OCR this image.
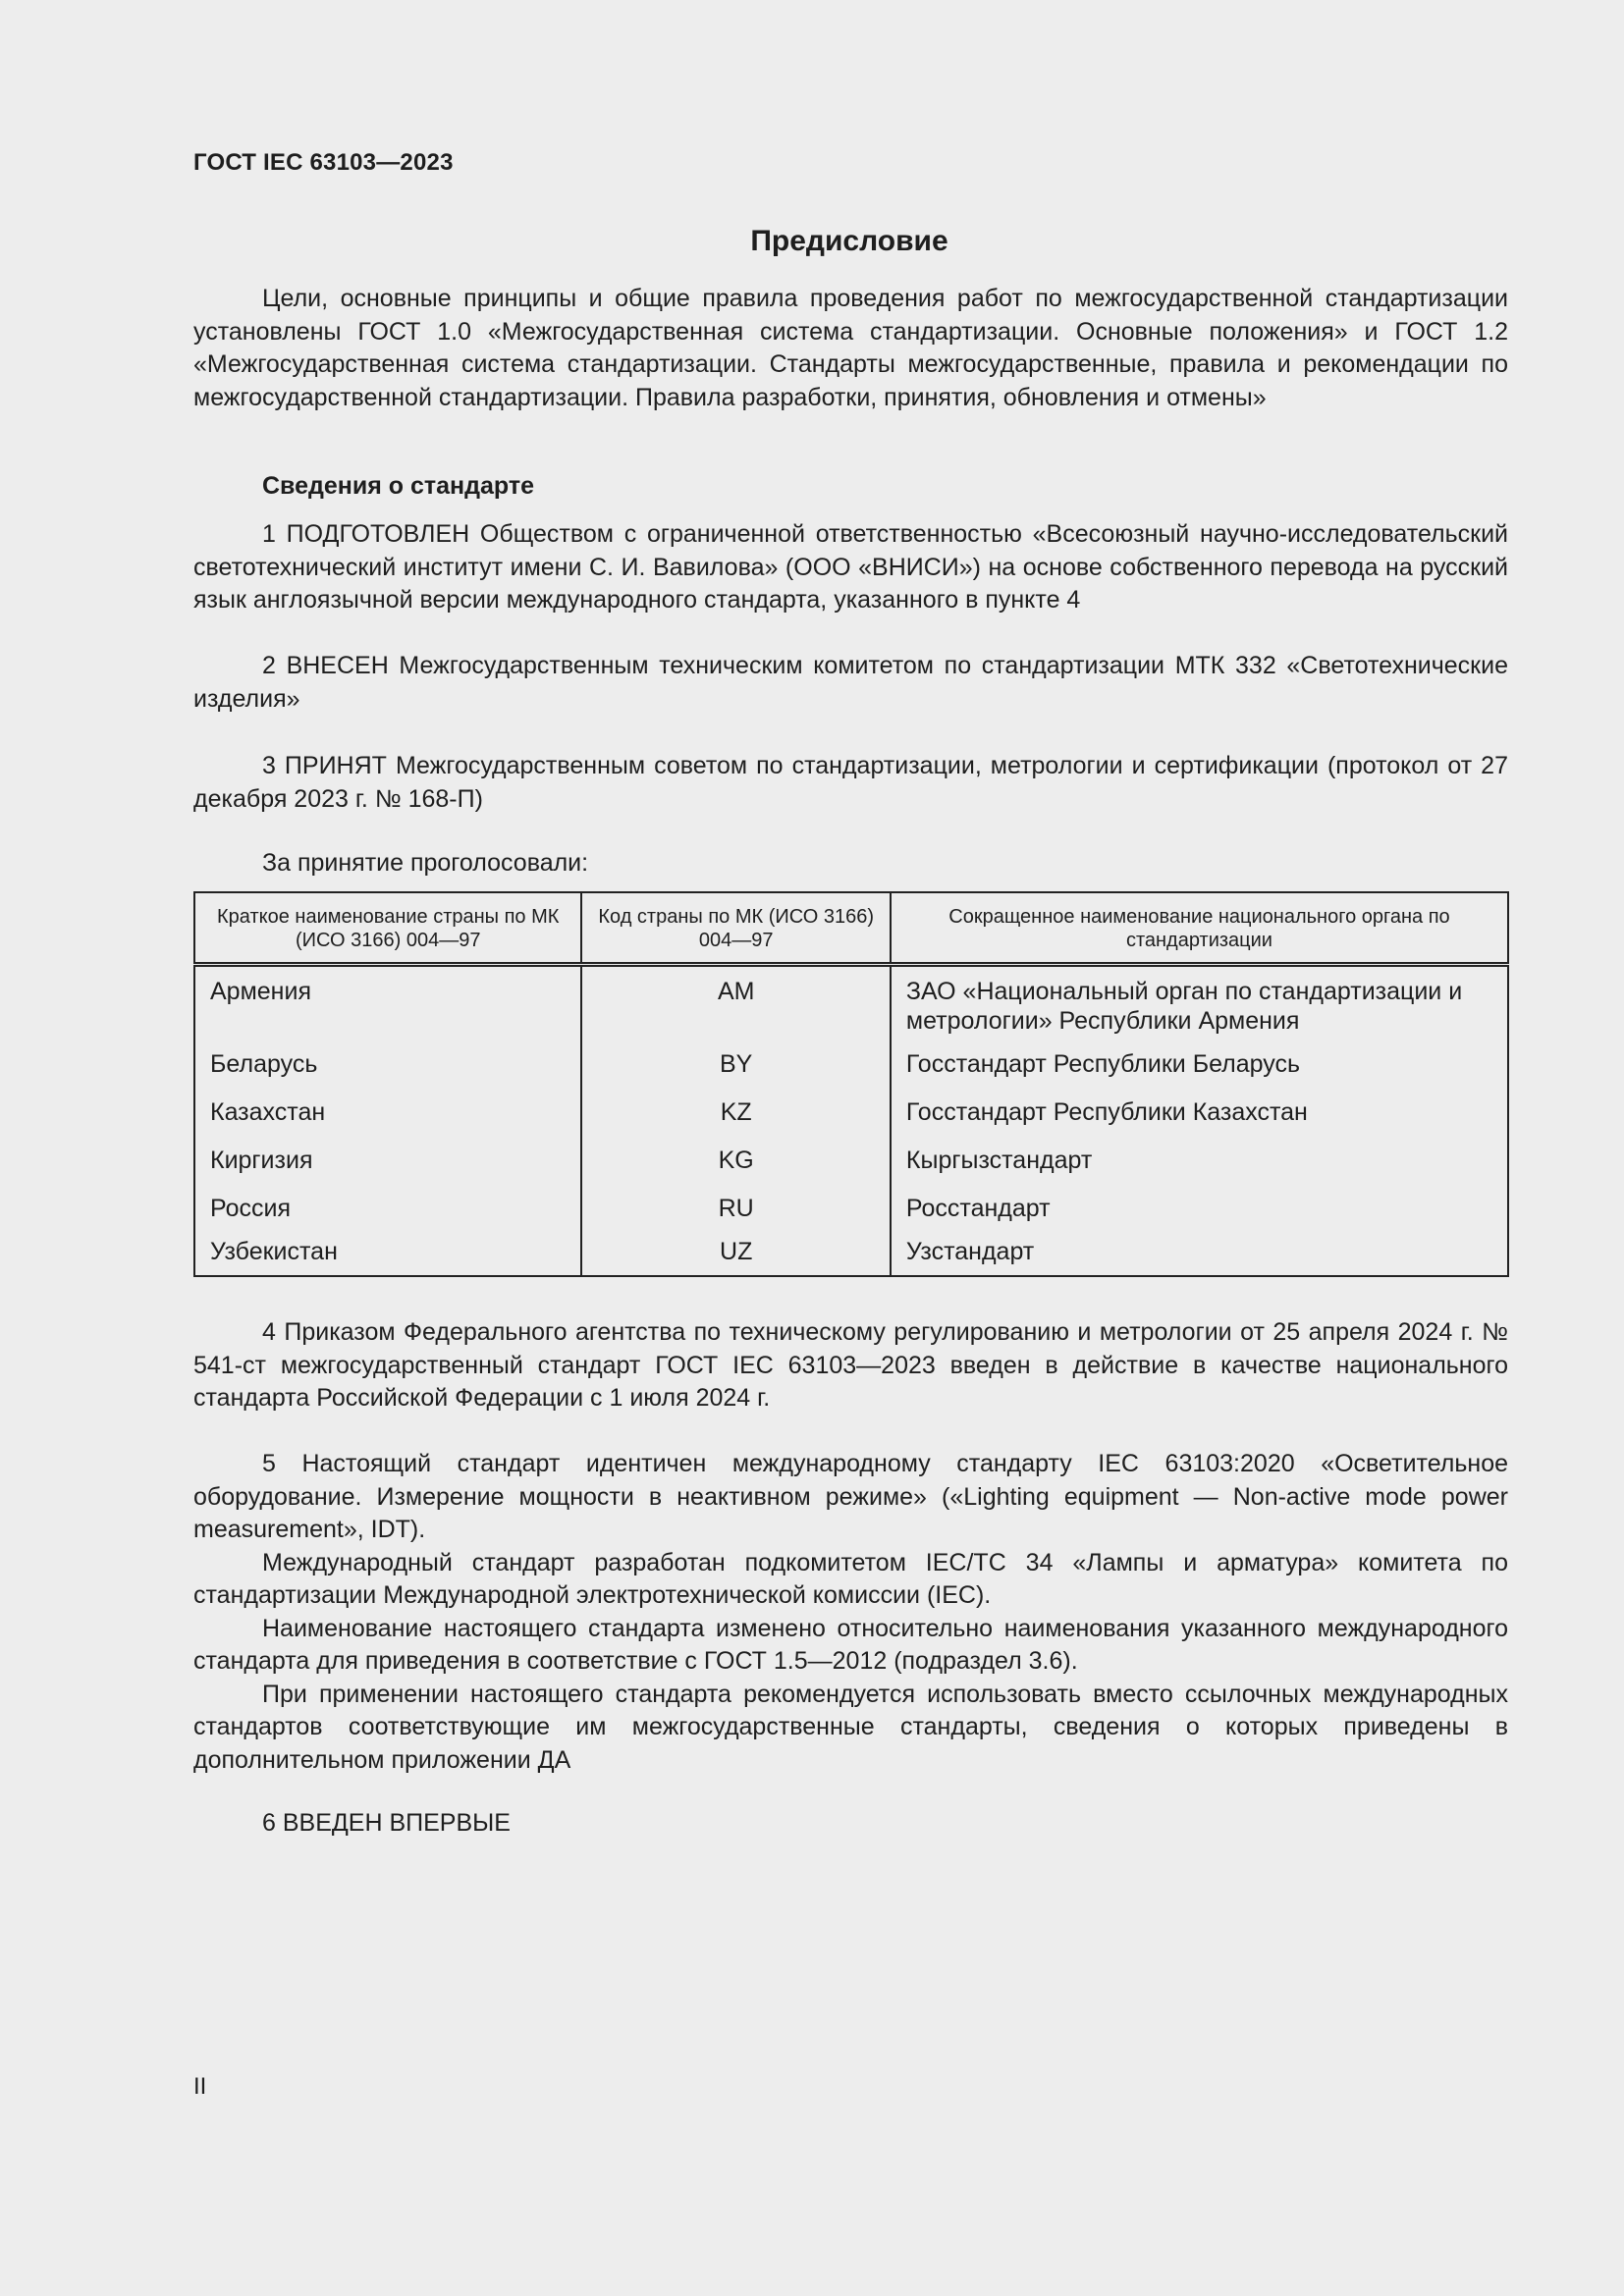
ГОСТ IEC 63103—2023
Предисловие

Цели, основные принципы и общие правила проведения работ по межгосударственной стандартизации установлены ГОСТ 1.0 «Межгосударственная система стандартизации. Основные положения» и ГОСТ 1.2 «Межгосударственная система стандартизации. Стандарты межгосударственные, правила и рекомендации по межгосударственной стандартизации. Правила разработки, принятия, обновления и отмены»

Сведения о стандарте

1 ПОДГОТОВЛЕН Обществом с ограниченной ответственностью «Всесоюзный научно-исследовательский светотехнический институт имени С. И. Вавилова» (ООО «ВНИСИ») на основе собственного перевода на русский язык англоязычной версии международного стандарта, указанного в пункте 4

2 ВНЕСЕН Межгосударственным техническим комитетом по стандартизации МТК 332 «Светотехнические изделия»

3 ПРИНЯТ Межгосударственным советом по стандартизации, метрологии и сертификации (протокол от 27 декабря 2023 г. № 168-П)

За принятие проголосовали:
Краткое наименование страны по МК (ИСО 3166) 004—97	Код страны по МК (ИСО 3166) 004—97	Сокращенное наименование национального органа по стандартизации
Армения	AM	ЗАО «Национальный орган по стандартизации и метрологии» Республики Армения
Беларусь	BY	Госстандарт Республики Беларусь
Казахстан	KZ	Госстандарт Республики Казахстан
Киргизия	KG	Кыргызстандарт
Россия	RU	Росстандарт
Узбекистан	UZ	Узстандарт

4 Приказом Федерального агентства по техническому регулированию и метрологии от 25 апреля 2024 г. № 541-ст межгосударственный стандарт ГОСТ IEC 63103—2023 введен в действие в качестве национального стандарта Российской Федерации с 1 июля 2024 г.

5 Настоящий стандарт идентичен международному стандарту IEC 63103:2020 «Осветительное оборудование. Измерение мощности в неактивном режиме» («Lighting equipment — Non-active mode power measurement», IDT).

Международный стандарт разработан подкомитетом IEC/TC 34 «Лампы и арматура» комитета по стандартизации Международной электротехнической комиссии (IEC).

Наименование настоящего стандарта изменено относительно наименования указанного международного стандарта для приведения в соответствие с ГОСТ 1.5—2012 (подраздел 3.6).

При применении настоящего стандарта рекомендуется использовать вместо ссылочных международных стандартов соответствующие им межгосударственные стандарты, сведения о которых приведены в дополнительном приложении ДА

6 ВВЕДЕН ВПЕРВЫЕ

II
